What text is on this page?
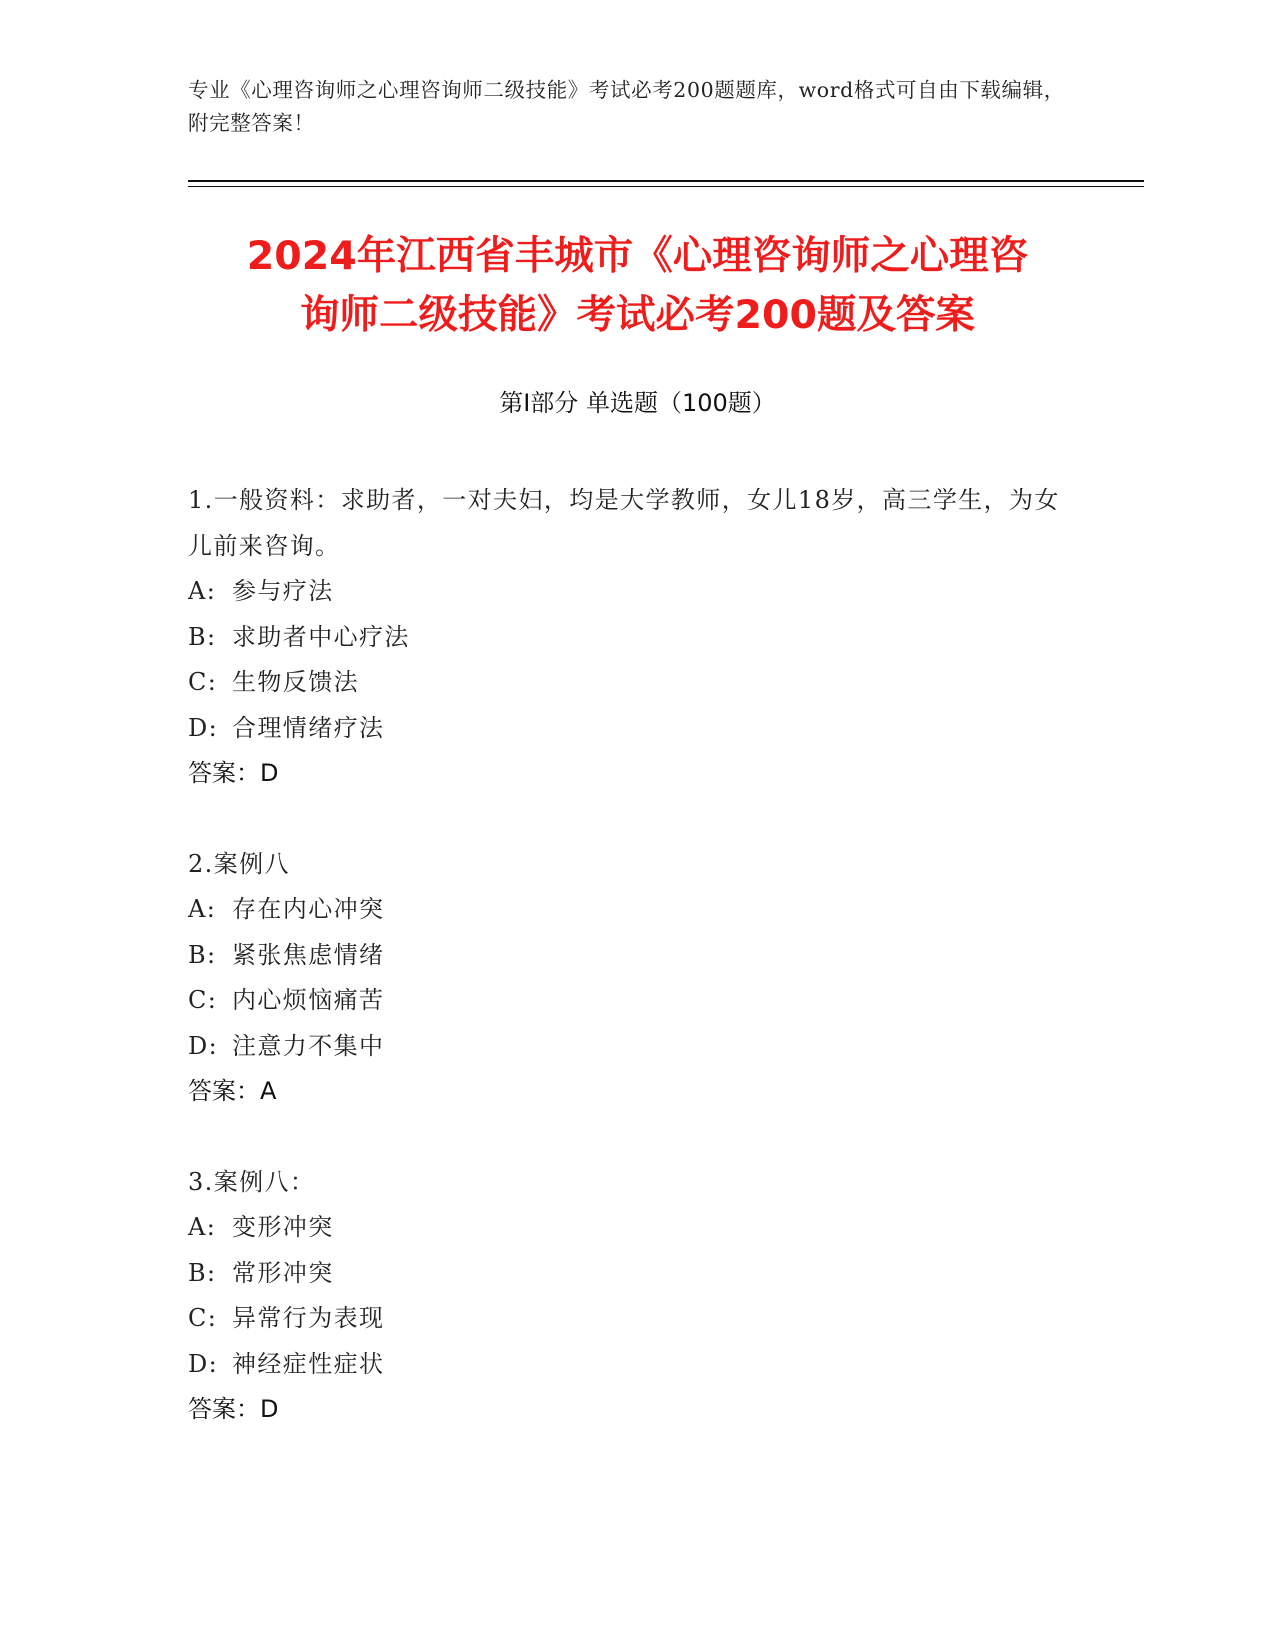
专业《心理咨询师之心理咨询师二级技能》考试必考200题题库，word格式可自由下载编辑，附完整答案！
2024年江西省丰城市《心理咨询师之心理咨
询师二级技能》考试必考200题及答案
第Ⅰ部分 单选题（100题）
1.一般资料：求助者，一对夫妇，均是大学教师，女儿18岁，高三学生，为女儿前来咨询。
A: 参与疗法
B: 求助者中心疗法
C: 生物反馈法
D: 合理情绪疗法
答案：D
2.案例八
A: 存在内心冲突
B: 紧张焦虑情绪
C: 内心烦恼痛苦
D: 注意力不集中
答案：A
3.案例八：
A: 变形冲突
B: 常形冲突
C: 异常行为表现
D: 神经症性症状
答案：D
